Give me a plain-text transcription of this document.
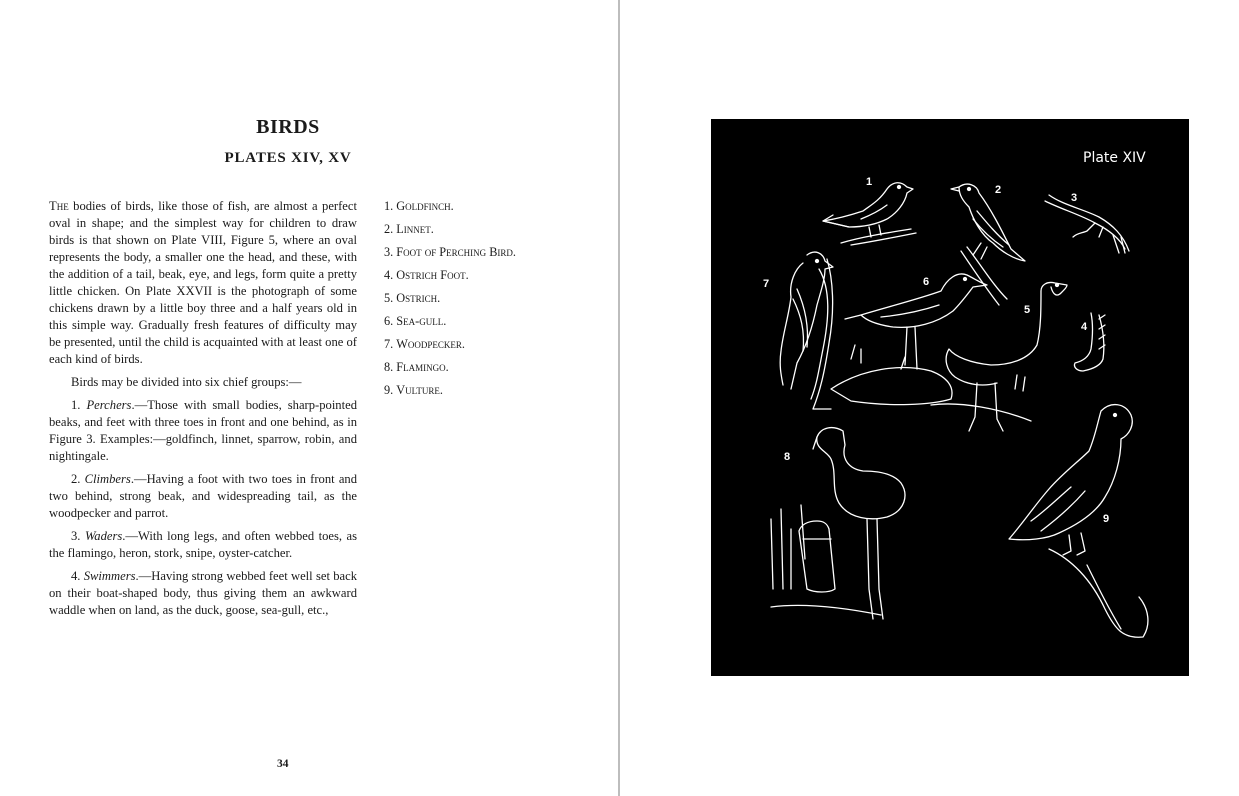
BIRDS
PLATES XIV, XV

The bodies of birds, like those of fish, are almost a perfect oval in shape; and the simplest way for children to draw birds is that shown on Plate VIII, Figure 5, where an oval represents the body, a smaller one the head, and these, with the addition of a tail, beak, eye, and legs, form quite a pretty little chicken. On Plate XXVII is the photograph of some chickens drawn by a little boy three and a half years old in this simple way. Gradually fresh features of difficulty may be presented, until the child is acquainted with at least one of each kind of birds.

Birds may be divided into six chief groups:—

1. Perchers.—Those with small bodies, sharp-pointed beaks, and feet with three toes in front and one behind, as in Figure 3. Examples:—goldfinch, linnet, sparrow, robin, and nightingale.

2. Climbers.—Having a foot with two toes in front and two behind, strong beak, and widespreading tail, as the woodpecker and parrot.

3. Waders.—With long legs, and often webbed toes, as the flamingo, heron, stork, snipe, oyster-catcher.

4. Swimmers.—Having strong webbed feet well set back on their boat-shaped body, thus giving them an awkward waddle when on land, as the duck, goose, sea-gull, etc.,

1. Goldfinch.
2. Linnet.
3. Foot of Perching Bird.
4. Ostrich Foot.
5. Ostrich.
6. Sea-gull.
7. Woodpecker.
8. Flamingo.
9. Vulture.
34
Plate XIV
1
2
3
4
5
6
7
8
9
